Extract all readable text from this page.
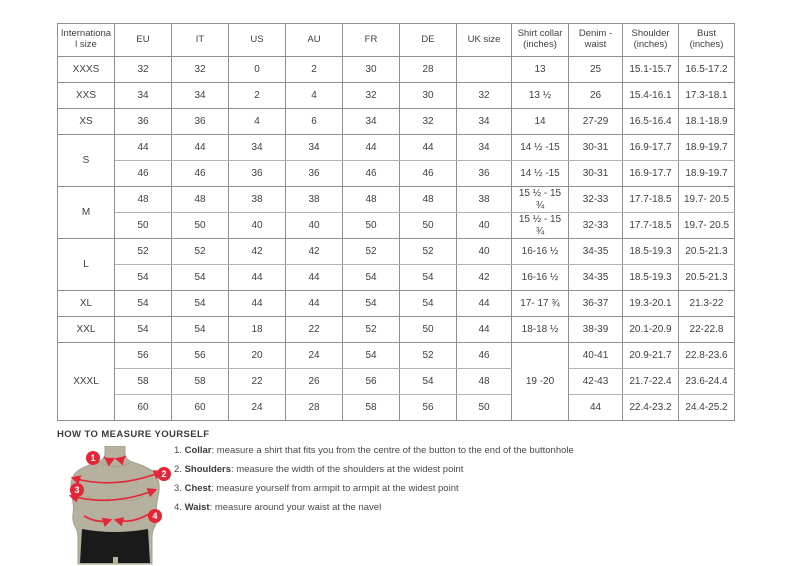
International size	EU	IT	US	AU	FR	DE	UK size	Shirt collar (inches)	Denim - waist	Shoulder (inches)	Bust (inches)
XXXS	32	32	0	2	30	28		13	25	15.1-15.7	16.5-17.2
XXS	34	34	2	4	32	30	32	13 ½	26	15.4-16.1	17.3-18.1
XS	36	36	4	6	34	32	34	14	27-29	16.5-16.4	18.1-18.9
S	44	44	34	34	44	44	34	14 ½ -15	30-31	16.9-17.7	18.9-19.7
	46	46	36	36	46	46	36	14 ½ -15	30-31	16.9-17.7	18.9-19.7
M	48	48	38	38	48	48	38	15 ½ - 15 ¾	32-33	17.7-18.5	19.7- 20.5
	50	50	40	40	50	50	40	15 ½ - 15 ¾	32-33	17.7-18.5	19.7- 20.5
L	52	52	42	42	52	52	40	16-16 ½	34-35	18.5-19.3	20.5-21.3
	54	54	44	44	54	54	42	16-16 ½	34-35	18.5-19.3	20.5-21.3
XL	54	54	44	44	54	54	44	17- 17 ¾	36-37	19.3-20.1	21.3-22
XXL	54	54	18	22	52	50	44	18-18 ½	38-39	20.1-20.9	22-22.8
XXXL	56	56	20	24	54	52	46	19 -20	40-41	20.9-21.7	22.8-23.6
	58	58	22	26	56	54	48		42-43	21.7-22.4	23.6-24.4
	60	60	24	28	58	56	50		44	22.4-23.2	24.4-25.2
HOW TO MEASURE YOURSELF
1
2
3
4
1. Collar: measure a shirt that fits you from the centre of the button to the end of the buttonhole
2. Shoulders: measure the width of the shoulders at the widest point
3. Chest: measure yourself from armpit to armpit at the widest point
4. Waist: measure around your waist at the navel
